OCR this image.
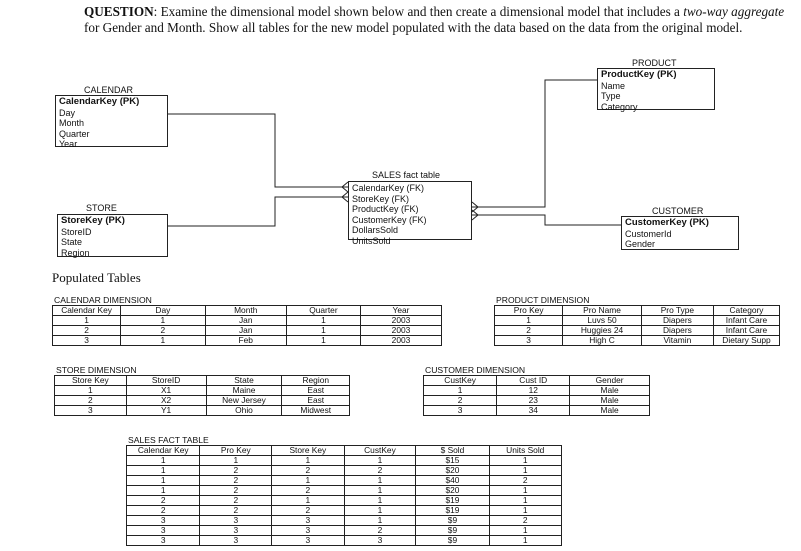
QUESTION: Examine the dimensional model shown below and then create a dimensional model that includes a two-way aggregate for Gender and Month. Show all tables for the new model populated with the data based on the data from the original model.
CALENDAR
CalendarKey (PK)
Day
Month
Quarter
Year
STORE
StoreKey (PK)
StoreID
State
Region
SALES fact table
CalendarKey (FK)
StoreKey (FK)
ProductKey (FK)
CustomerKey (FK)
DollarsSold
UnitsSold
PRODUCT
ProductKey (PK)
Name
Type
Category
CUSTOMER
CustomerKey (PK)
CustomerId
Gender
Populated Tables
CALENDAR DIMENSION
Calendar Key	Day	Month	Quarter	Year
1	1	Jan	1	2003
2	2	Jan	1	2003
3	1	Feb	1	2003
PRODUCT DIMENSION
Pro Key	Pro Name	Pro Type	Category
1	Luvs 50	Diapers	Infant Care
2	Huggies 24	Diapers	Infant Care
3	High C	Vitamin	Dietary Supp
STORE DIMENSION
Store Key	StoreID	State	Region
1	X1	Maine	East
2	X2	New Jersey	East
3	Y1	Ohio	Midwest
CUSTOMER DIMENSION
CustKey	Cust ID	Gender
1	12	Male
2	23	Male
3	34	Male
SALES FACT TABLE
Calendar Key	Pro Key	Store Key	CustKey	$ Sold	Units Sold
1	1	1	1	$15	1
1	2	2	2	$20	1
1	2	1	1	$40	2
1	2	2	1	$20	1
2	2	1	1	$19	1
2	2	2	1	$19	1
3	3	3	1	$9	2
3	3	3	2	$9	1
3	3	3	3	$9	1
